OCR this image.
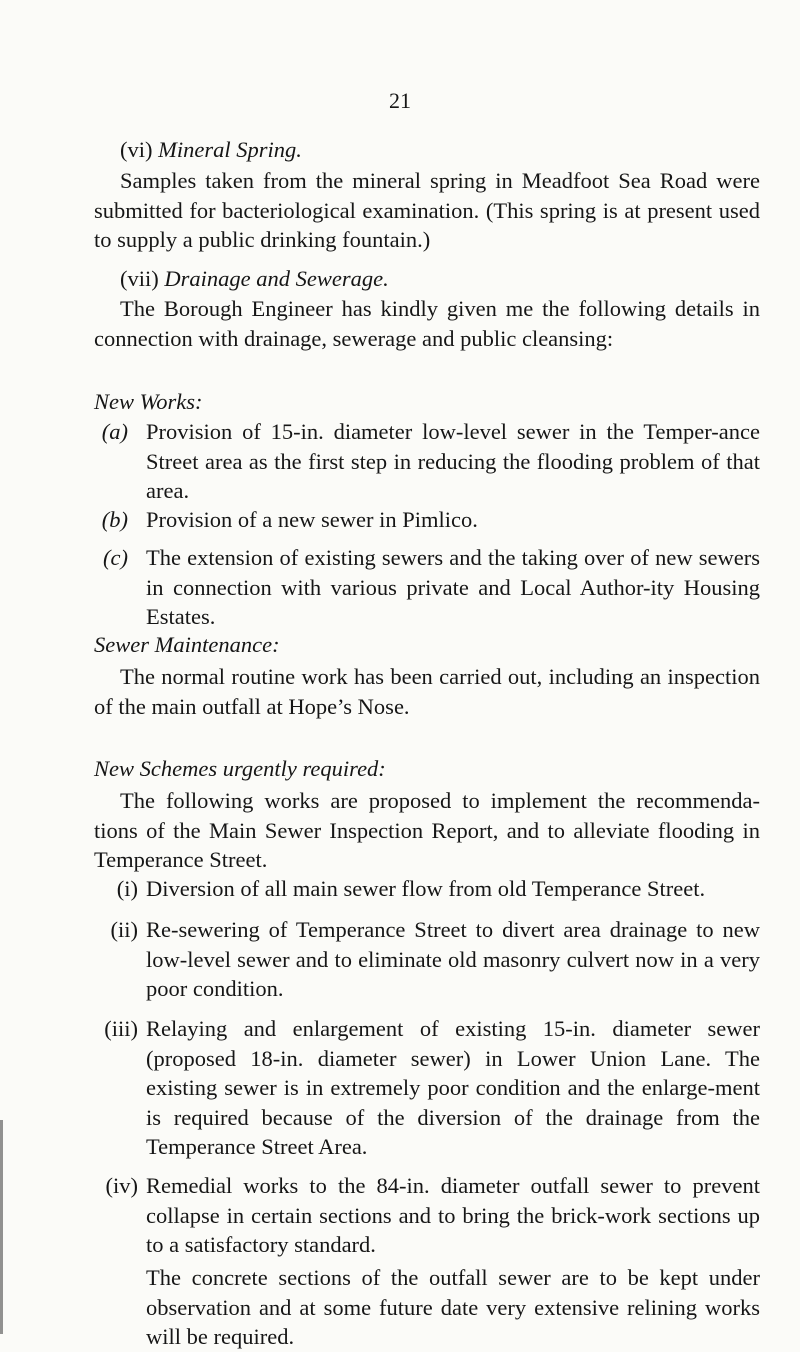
21
(vi) Mineral Spring.
Samples taken from the mineral spring in Meadfoot Sea Road were submitted for bacteriological examination. (This spring is at present used to supply a public drinking fountain.)
(vii) Drainage and Sewerage.
The Borough Engineer has kindly given me the following details in connection with drainage, sewerage and public cleansing:
New Works:
(a) Provision of 15-in. diameter low-level sewer in the Temper-ance Street area as the first step in reducing the flooding problem of that area.
(b) Provision of a new sewer in Pimlico.
(c) The extension of existing sewers and the taking over of new sewers in connection with various private and Local Author-ity Housing Estates.
Sewer Maintenance:
The normal routine work has been carried out, including an inspection of the main outfall at Hope’s Nose.
New Schemes urgently required:
The following works are proposed to implement the recommenda-tions of the Main Sewer Inspection Report, and to alleviate flooding in Temperance Street.
(i) Diversion of all main sewer flow from old Temperance Street.
(ii) Re-sewering of Temperance Street to divert area drainage to new low-level sewer and to eliminate old masonry culvert now in a very poor condition.
(iii) Relaying and enlargement of existing 15-in. diameter sewer (proposed 18-in. diameter sewer) in Lower Union Lane. The existing sewer is in extremely poor condition and the enlarge-ment is required because of the diversion of the drainage from the Temperance Street Area.
(iv) Remedial works to the 84-in. diameter outfall sewer to prevent collapse in certain sections and to bring the brick-work sections up to a satisfactory standard.
The concrete sections of the outfall sewer are to be kept under observation and at some future date very extensive relining works will be required.
